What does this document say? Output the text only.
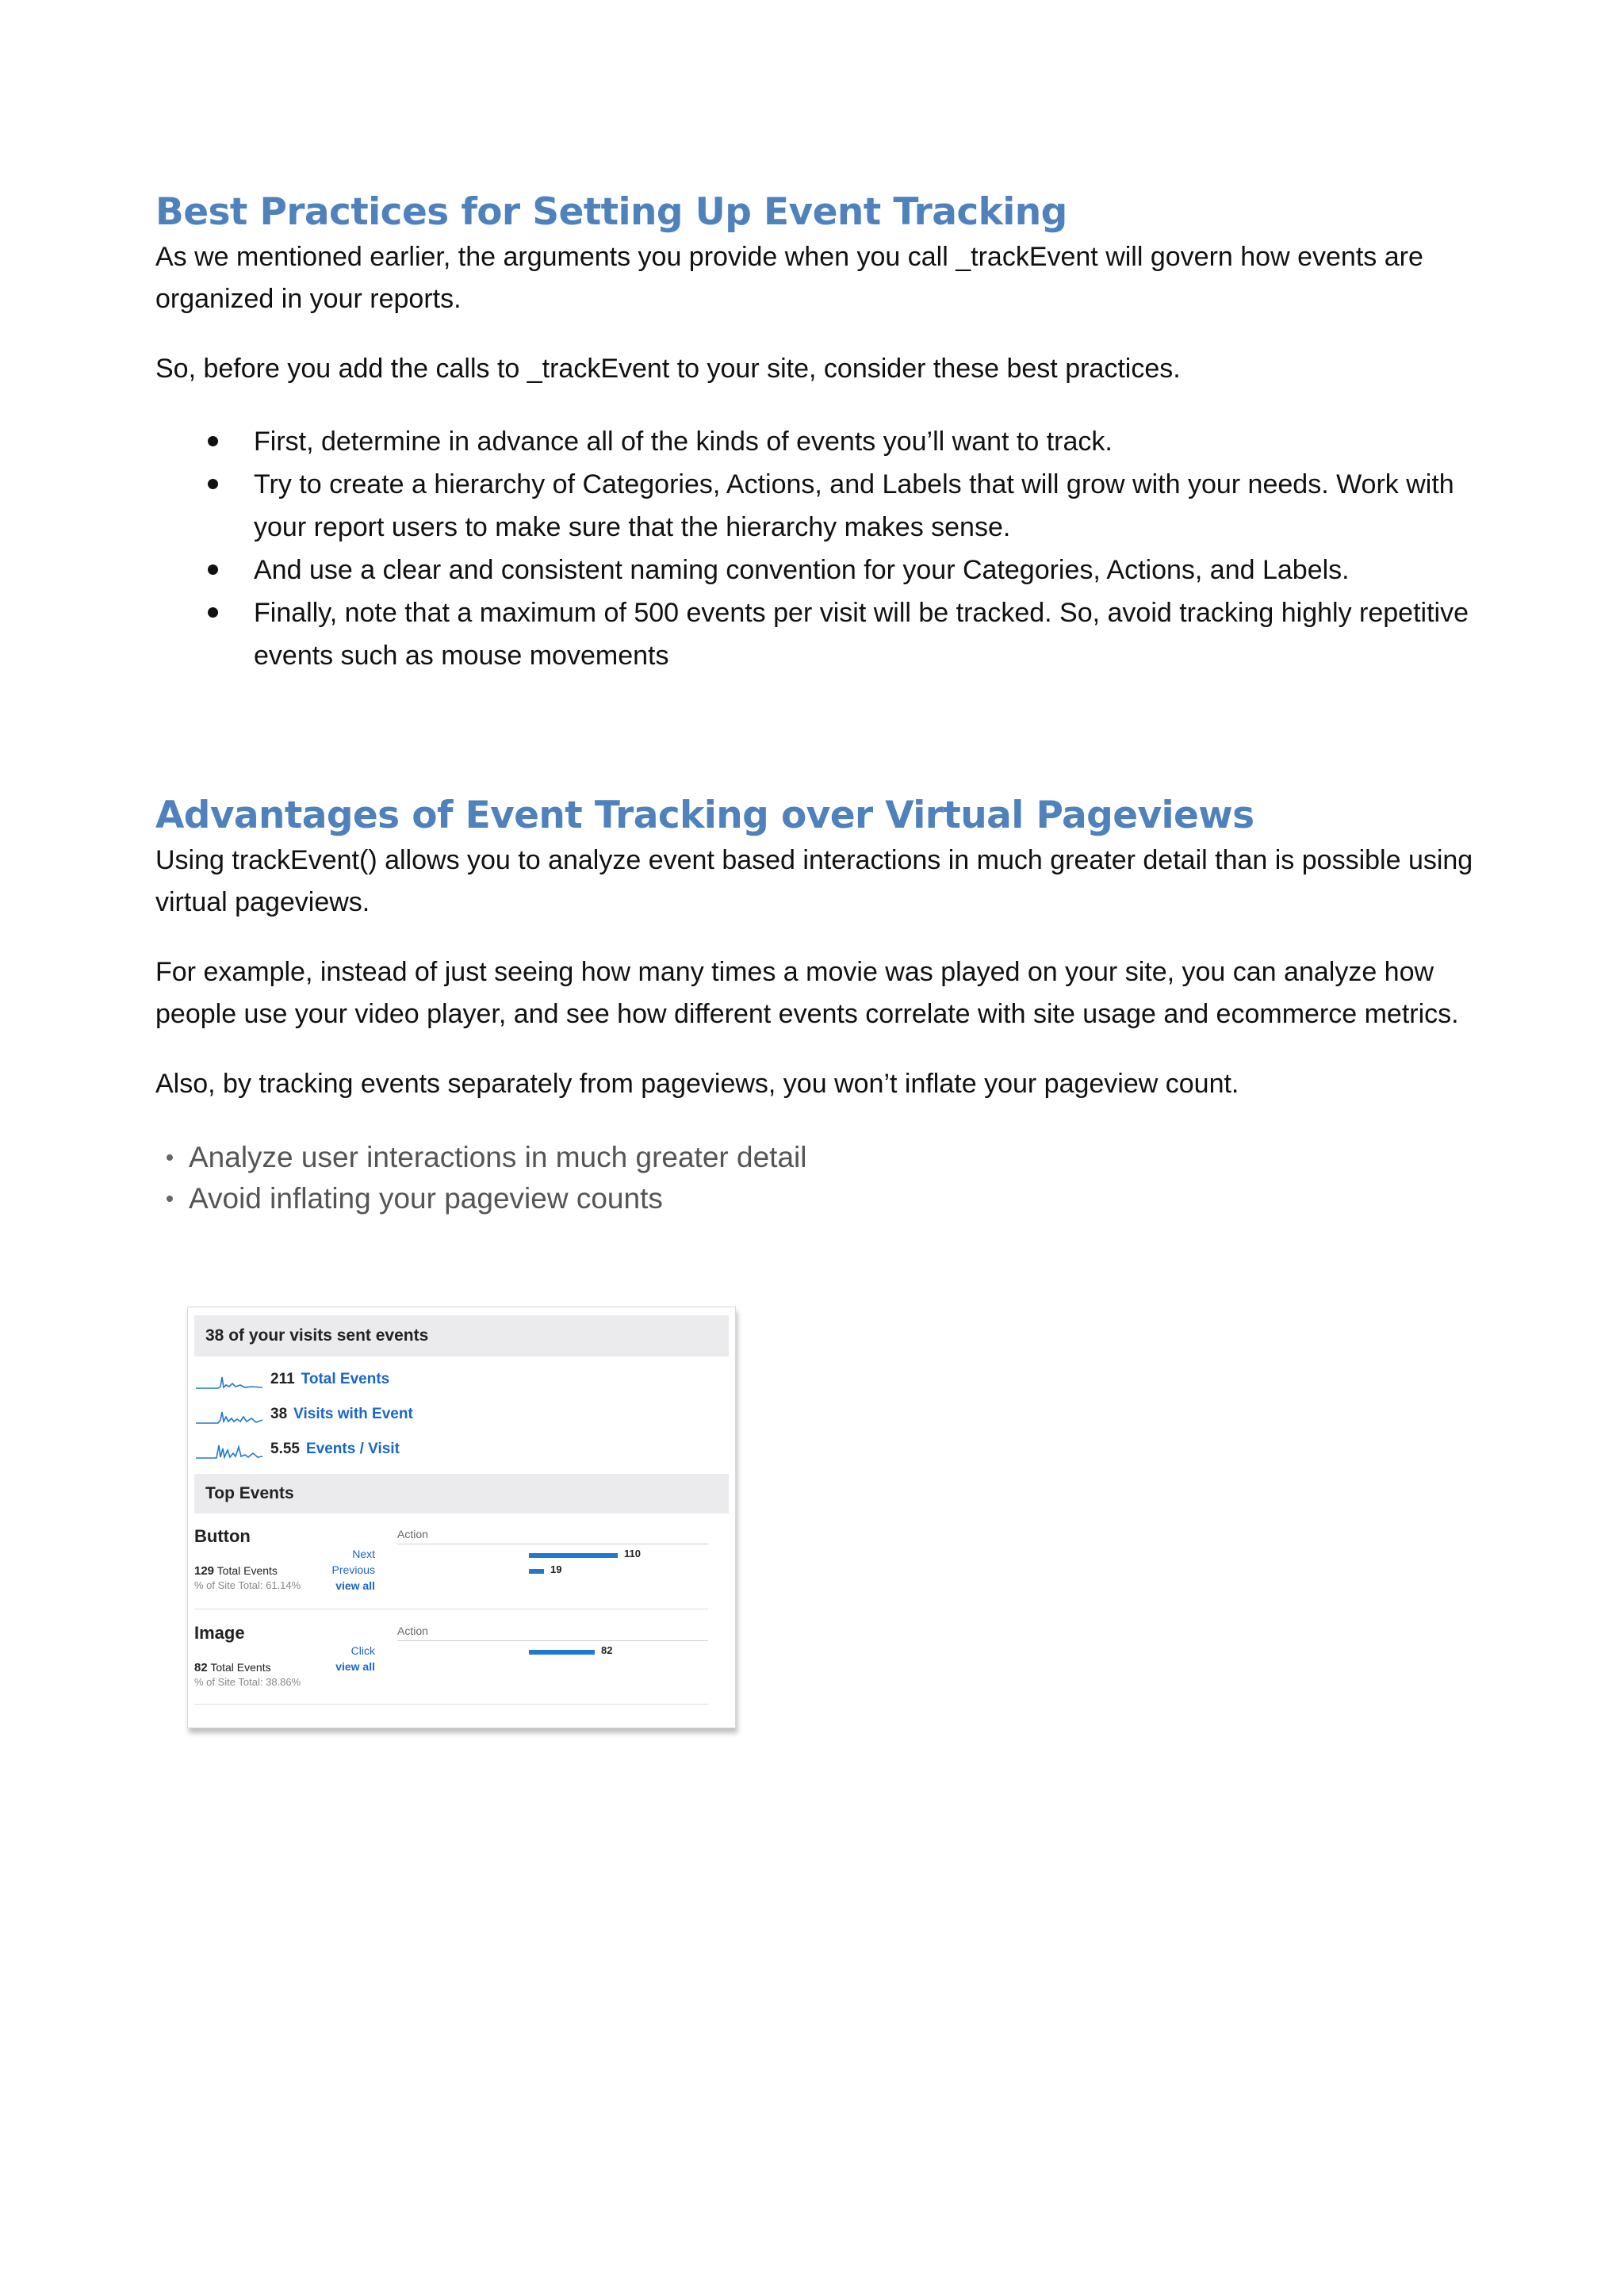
Best Practices for Setting Up Event Tracking

As we mentioned earlier, the arguments you provide when you call _trackEvent will govern how events are organized in your reports.

So, before you add the calls to _trackEvent to your site, consider these best practices.

First, determine in advance all of the kinds of events you’ll want to track.
Try to create a hierarchy of Categories, Actions, and Labels that will grow with your needs. Work with your report users to make sure that the hierarchy makes sense.
And use a clear and consistent naming convention for your Categories, Actions, and Labels.
Finally, note that a maximum of 500 events per visit will be tracked. So, avoid tracking highly repetitive events such as mouse movements
Advantages of Event Tracking over Virtual Pageviews

Using trackEvent() allows you to analyze event based interactions in much greater detail than is possible using virtual pageviews.

For example, instead of just seeing how many times a movie was played on your site, you can analyze how people use your video player, and see how different events correlate with site usage and ecommerce metrics.

Also, by tracking events separately from pageviews, you won’t inflate your pageview count.

Analyze user interactions in much greater detail
Avoid inflating your pageview counts
38 of your visits sent events
211 Total Events
38 Visits with Event
5.55 Events / Visit
Top Events
Button
129 Total Events
% of Site Total: 61.14%
Action
Next	110
Previous	19
view all
Image
82 Total Events
% of Site Total: 38.86%
Action
Click	82
view all
